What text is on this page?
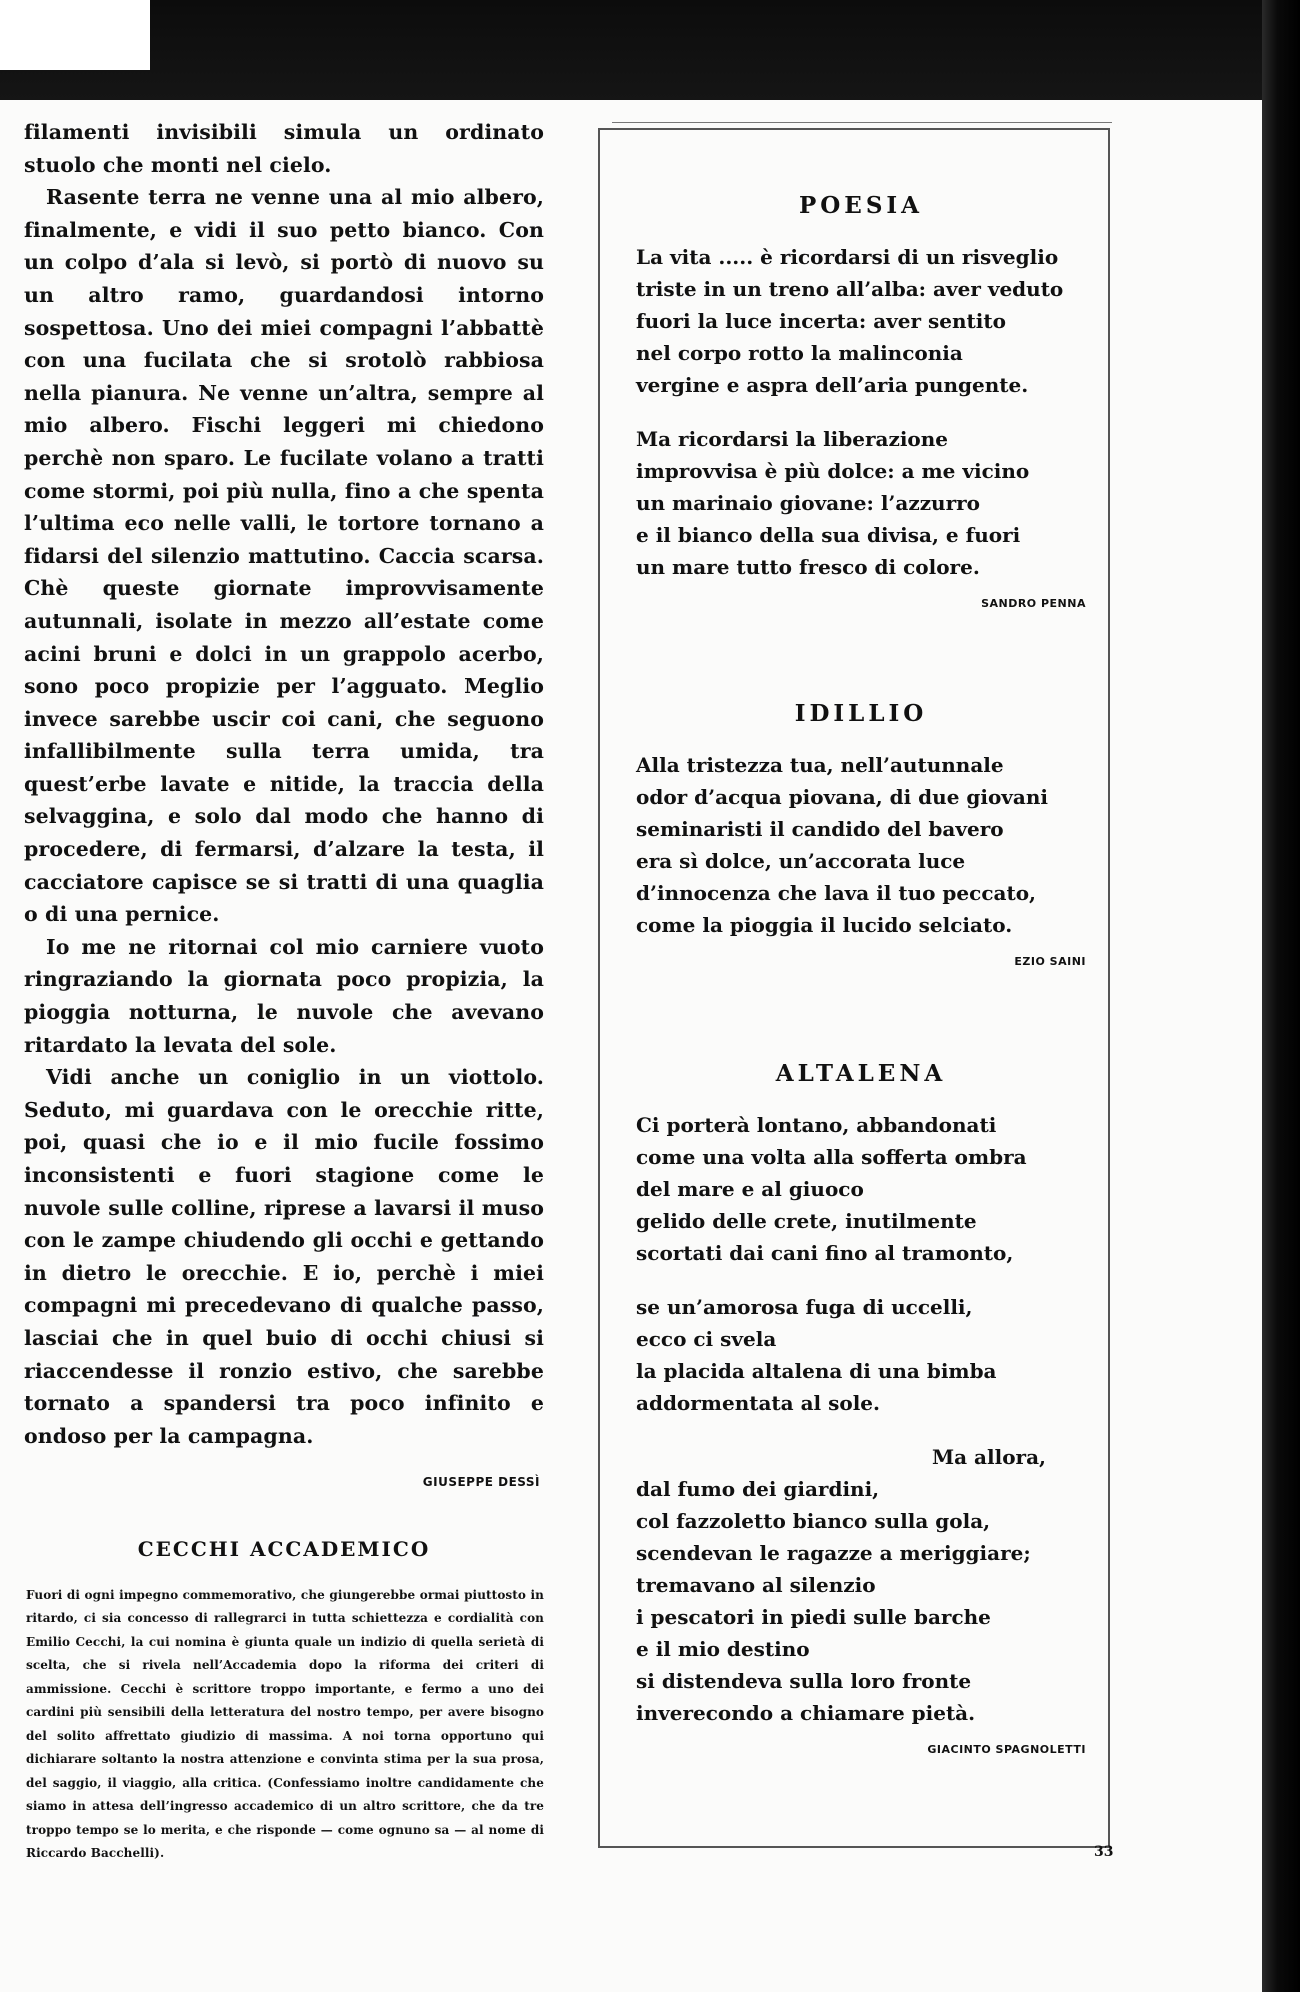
filamenti invisibili simula un ordinato stuolo che monti nel cielo.

Rasente terra ne venne una al mio albero, finalmente, e vidi il suo petto bianco. Con un colpo d’ala si levò, si portò di nuovo su un altro ramo, guardandosi intorno sospettosa. Uno dei miei compagni l’abbattè con una fucilata che si srotolò rabbiosa nella pianura. Ne venne un’altra, sempre al mio albero. Fischi leggeri mi chiedono perchè non sparo. Le fucilate volano a tratti come stormi, poi più nulla, fino a che spenta l’ultima eco nelle valli, le tortore tornano a fidarsi del silenzio mattutino. Caccia scarsa. Chè queste giornate improvvisamente autunnali, isolate in mezzo all’estate come acini bruni e dolci in un grappolo acerbo, sono poco propizie per l’agguato. Meglio invece sarebbe uscir coi cani, che seguono infallibilmente sulla terra umida, tra quest’erbe lavate e nitide, la traccia della selvaggina, e solo dal modo che hanno di procedere, di fermarsi, d’alzare la testa, il cacciatore capisce se si tratti di una quaglia o di una pernice.

Io me ne ritornai col mio carniere vuoto ringraziando la giornata poco propizia, la pioggia notturna, le nuvole che avevano ritardato la levata del sole.

Vidi anche un coniglio in un viottolo. Seduto, mi guardava con le orecchie ritte, poi, quasi che io e il mio fucile fossimo inconsistenti e fuori stagione come le nuvole sulle colline, riprese a lavarsi il muso con le zampe chiudendo gli occhi e gettando in dietro le orecchie. E io, perchè i miei compagni mi precedevano di qualche passo, lasciai che in quel buio di occhi chiusi si riaccendesse il ronzio estivo, che sarebbe tornato a spandersi tra poco infinito e ondoso per la campagna.

GIUSEPPE DESSÌ
CECCHI ACCADEMICO

Fuori di ogni impegno commemorativo, che giungerebbe ormai piuttosto in ritardo, ci sia concesso di rallegrarci in tutta schiettezza e cordialità con Emilio Cecchi, la cui nomina è giunta quale un indizio di quella serietà di scelta, che si rivela nell’Accademia dopo la riforma dei criteri di ammissione. Cecchi è scrittore troppo importante, e fermo a uno dei cardini più sensibili della letteratura del nostro tempo, per avere bisogno del solito affrettato giudizio di massima. A noi torna opportuno qui dichiarare soltanto la nostra attenzione e convinta stima per la sua prosa, del saggio, il viaggio, alla critica. (Confessiamo inoltre candidamente che siamo in attesa dell’ingresso accademico di un altro scrittore, che da tre troppo tempo se lo merita, e che risponde — come ognuno sa — al nome di Riccardo Bacchelli).

POESIA
La vita ..... è ricordarsi di un risveglio
triste in un treno all’alba: aver veduto
fuori la luce incerta: aver sentito
nel corpo rotto la malinconia
vergine e aspra dell’aria pungente.
Ma ricordarsi la liberazione
improvvisa è più dolce: a me vicino
un marinaio giovane: l’azzurro
e il bianco della sua divisa, e fuori
un mare tutto fresco di colore.
SANDRO PENNA
IDILLIO
Alla tristezza tua, nell’autunnale
odor d’acqua piovana, di due giovani
seminaristi il candido del bavero
era sì dolce, un’accorata luce
d’innocenza che lava il tuo peccato,
come la pioggia il lucido selciato.
EZIO SAINI
ALTALENA
Ci porterà lontano, abbandonati
come una volta alla sofferta ombra
del mare e al giuoco
gelido delle crete, inutilmente
scortati dai cani fino al tramonto,
se un’amorosa fuga di uccelli,
ecco ci svela
la placida altalena di una bimba
addormentata al sole.
Ma allora,
dal fumo dei giardini,
col fazzoletto bianco sulla gola,
scendevan le ragazze a meriggiare;
tremavano al silenzio
i pescatori in piedi sulle barche
e il mio destino
si distendeva sulla loro fronte
inverecondo a chiamare pietà.
GIACINTO SPAGNOLETTI
33
